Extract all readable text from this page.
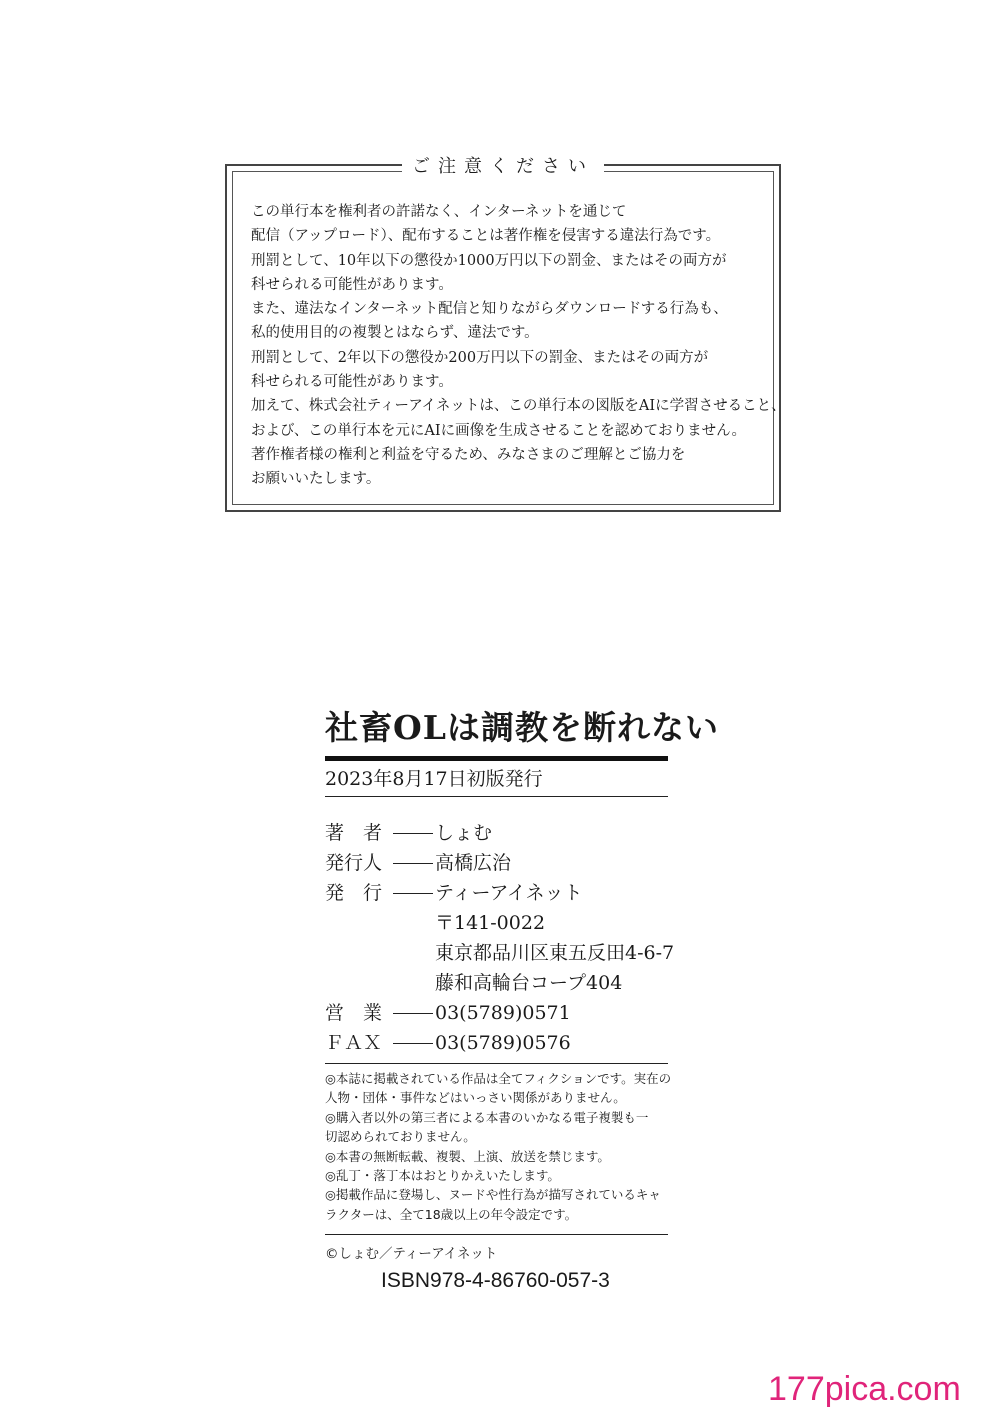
ご注意ください
この単行本を権利者の許諾なく、インターネットを通じて
配信（アップロード）、配布することは著作権を侵害する違法行為です。
刑罰として、10年以下の懲役か1000万円以下の罰金、またはその両方が
科せられる可能性があります。
また、違法なインターネット配信と知りながらダウンロードする行為も、
私的使用目的の複製とはならず、違法です。
刑罰として、2年以下の懲役か200万円以下の罰金、またはその両方が
科せられる可能性があります。
加えて、株式会社ティーアイネットは、この単行本の図版をAIに学習させること、
および、この単行本を元にAIに画像を生成させることを認めておりません。
著作権者様の権利と利益を守るため、みなさまのご理解とご協力を
お願いいたします。
社畜OLは調教を断れない
2023年8月17日初版発行
著　者	しょむ
発行人	高橋広治
発　行	ティーアイネット
〒141-0022
東京都品川区東五反田4-6-7
藤和高輪台コープ404
営　業	03(5789)0571
ＦＡＸ	03(5789)0576
◎本誌に掲載されている作品は全てフィクションです。実在の
人物・団体・事件などはいっさい関係がありません。
◎購入者以外の第三者による本書のいかなる電子複製も一
切認められておりません。
◎本書の無断転載、複製、上演、放送を禁じます。
◎乱丁・落丁本はおとりかえいたします。
◎掲載作品に登場し、ヌードや性行為が描写されているキャ
ラクターは、全て18歳以上の年令設定です。
©しょむ／ティーアイネット
ISBN978-4-86760-057-3
177pica.com
